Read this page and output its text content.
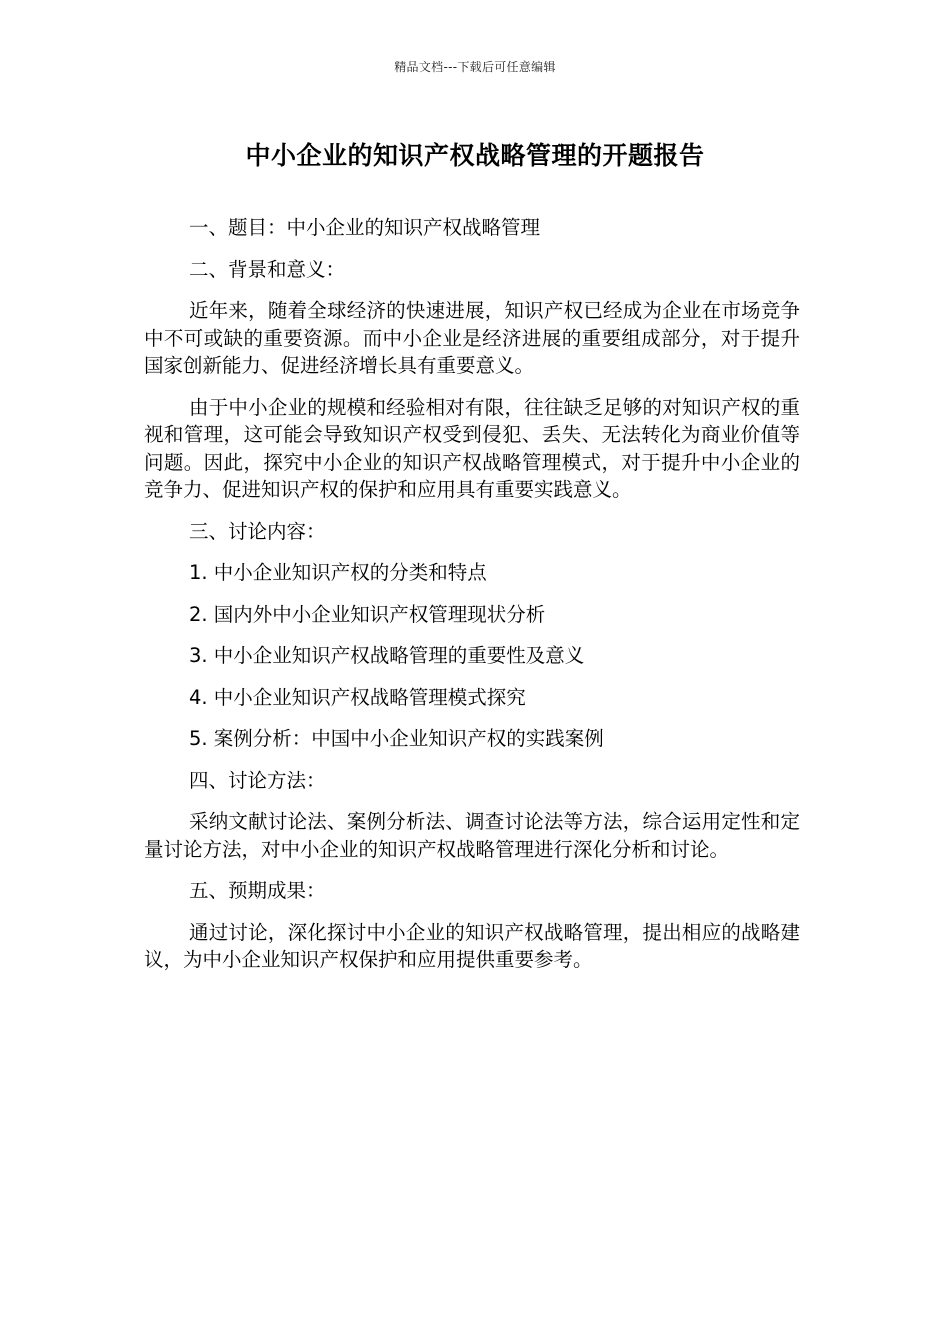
精品文档---下载后可任意编辑
中小企业的知识产权战略管理的开题报告

一、题目：中小企业的知识产权战略管理

二、背景和意义：

近年来，随着全球经济的快速进展，知识产权已经成为企业在市场竞争中不可或缺的重要资源。而中小企业是经济进展的重要组成部分，对于提升国家创新能力、促进经济增长具有重要意义。

由于中小企业的规模和经验相对有限，往往缺乏足够的对知识产权的重视和管理，这可能会导致知识产权受到侵犯、丢失、无法转化为商业价值等问题。因此，探究中小企业的知识产权战略管理模式，对于提升中小企业的竞争力、促进知识产权的保护和应用具有重要实践意义。

三、讨论内容：

1. 中小企业知识产权的分类和特点

2. 国内外中小企业知识产权管理现状分析

3. 中小企业知识产权战略管理的重要性及意义

4. 中小企业知识产权战略管理模式探究

5. 案例分析：中国中小企业知识产权的实践案例

四、讨论方法：

采纳文献讨论法、案例分析法、调查讨论法等方法，综合运用定性和定量讨论方法，对中小企业的知识产权战略管理进行深化分析和讨论。

五、预期成果：

通过讨论，深化探讨中小企业的知识产权战略管理，提出相应的战略建议，为中小企业知识产权保护和应用提供重要参考。
